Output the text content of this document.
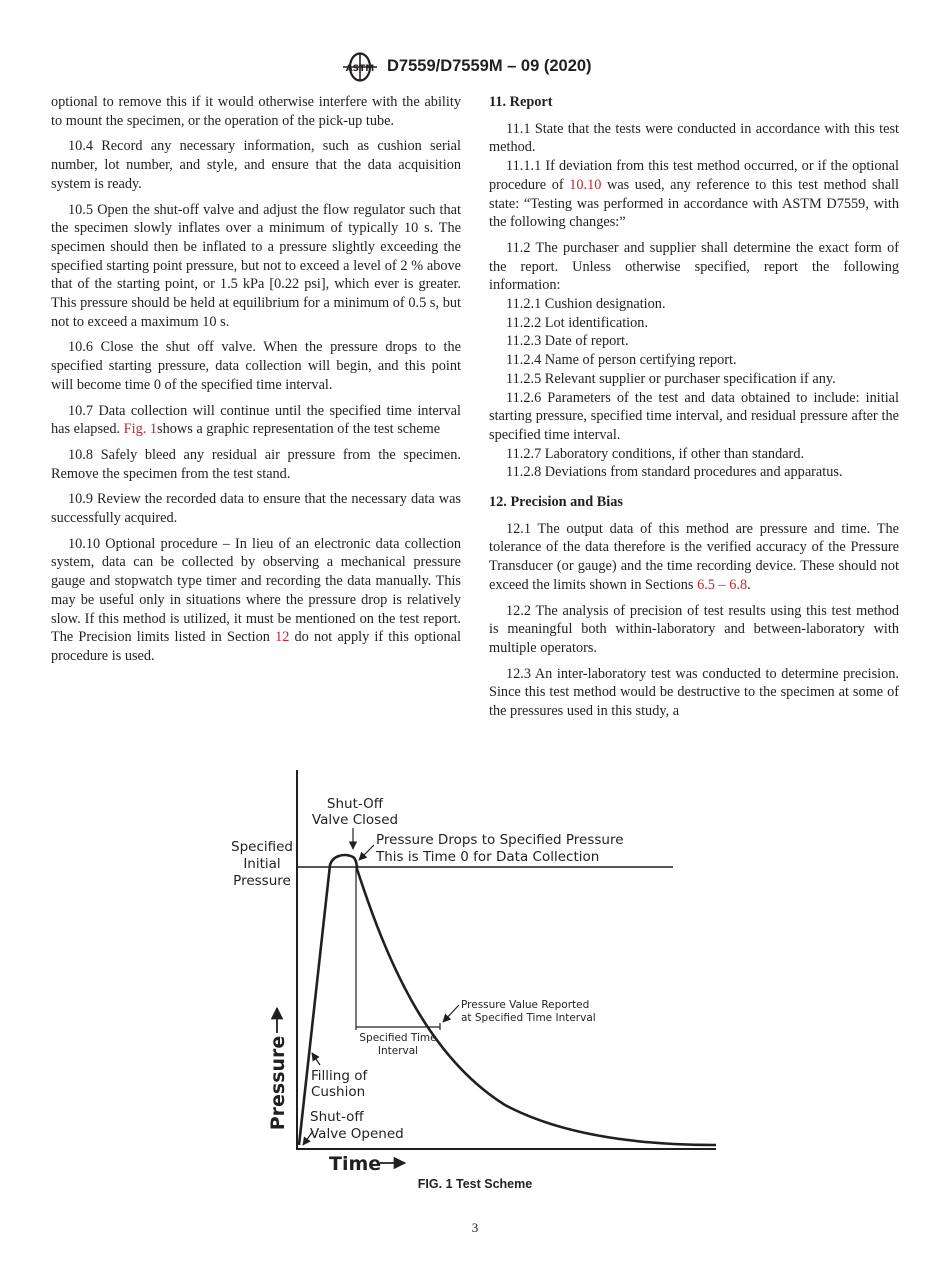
ASTM D7559/D7559M – 09 (2020)

optional to remove this if it would otherwise interfere with the ability to mount the specimen, or the operation of the pick-up tube.

10.4 Record any necessary information, such as cushion serial number, lot number, and style, and ensure that the data acquisition system is ready.

10.5 Open the shut-off valve and adjust the flow regulator such that the specimen slowly inflates over a minimum of typically 10 s. The specimen should then be inflated to a pressure slightly exceeding the specified starting point pressure, but not to exceed a level of 2 % above that of the starting point, or 1.5 kPa [0.22 psi], which ever is greater. This pressure should be held at equilibrium for a minimum of 0.5 s, but not to exceed a maximum 10 s.

10.6 Close the shut off valve. When the pressure drops to the specified starting pressure, data collection will begin, and this point will become time 0 of the specified time interval.

10.7 Data collection will continue until the specified time interval has elapsed. Fig. 1shows a graphic representation of the test scheme

10.8 Safely bleed any residual air pressure from the specimen. Remove the specimen from the test stand.

10.9 Review the recorded data to ensure that the necessary data was successfully acquired.

10.10 Optional procedure – In lieu of an electronic data collection system, data can be collected by observing a mechanical pressure gauge and stopwatch type timer and recording the data manually. This may be useful only in situations where the pressure drop is relatively slow. If this method is utilized, it must be mentioned on the test report. The Precision limits listed in Section 12 do not apply if this optional procedure is used.

11. Report

11.1 State that the tests were conducted in accordance with this test method.

11.1.1 If deviation from this test method occurred, or if the optional procedure of 10.10 was used, any reference to this test method shall state: “Testing was performed in accordance with ASTM D7559, with the following changes:”

11.2 The purchaser and supplier shall determine the exact form of the report. Unless otherwise specified, report the following information:

11.2.1 Cushion designation.

11.2.2 Lot identification.

11.2.3 Date of report.

11.2.4 Name of person certifying report.

11.2.5 Relevant supplier or purchaser specification if any.

11.2.6 Parameters of the test and data obtained to include: initial starting pressure, specified time interval, and residual pressure after the specified time interval.

11.2.7 Laboratory conditions, if other than standard.

11.2.8 Deviations from standard procedures and apparatus.

12. Precision and Bias

12.1 The output data of this method are pressure and time. The tolerance of the data therefore is the verified accuracy of the Pressure Transducer (or gauge) and the time recording device. These should not exceed the limits shown in Sections 6.5 – 6.8.

12.2 The analysis of precision of test results using this test method is meaningful both within-laboratory and between-laboratory with multiple operators.

12.3 An inter-laboratory test was conducted to determine precision. Since this test method would be destructive to the specimen at some of the pressures used in this study, a

Shut-Off
Valve Closed
Specified
Initial
Pressure
Pressure Drops to Specified Pressure
This is Time 0 for Data Collection
Pressure Value Reported
at Specified Time Interval
Specified Time
Interval
Filling of
Cushion
Shut-off
Valve Opened
Pressure
Time
FIG. 1 Test Scheme
3
